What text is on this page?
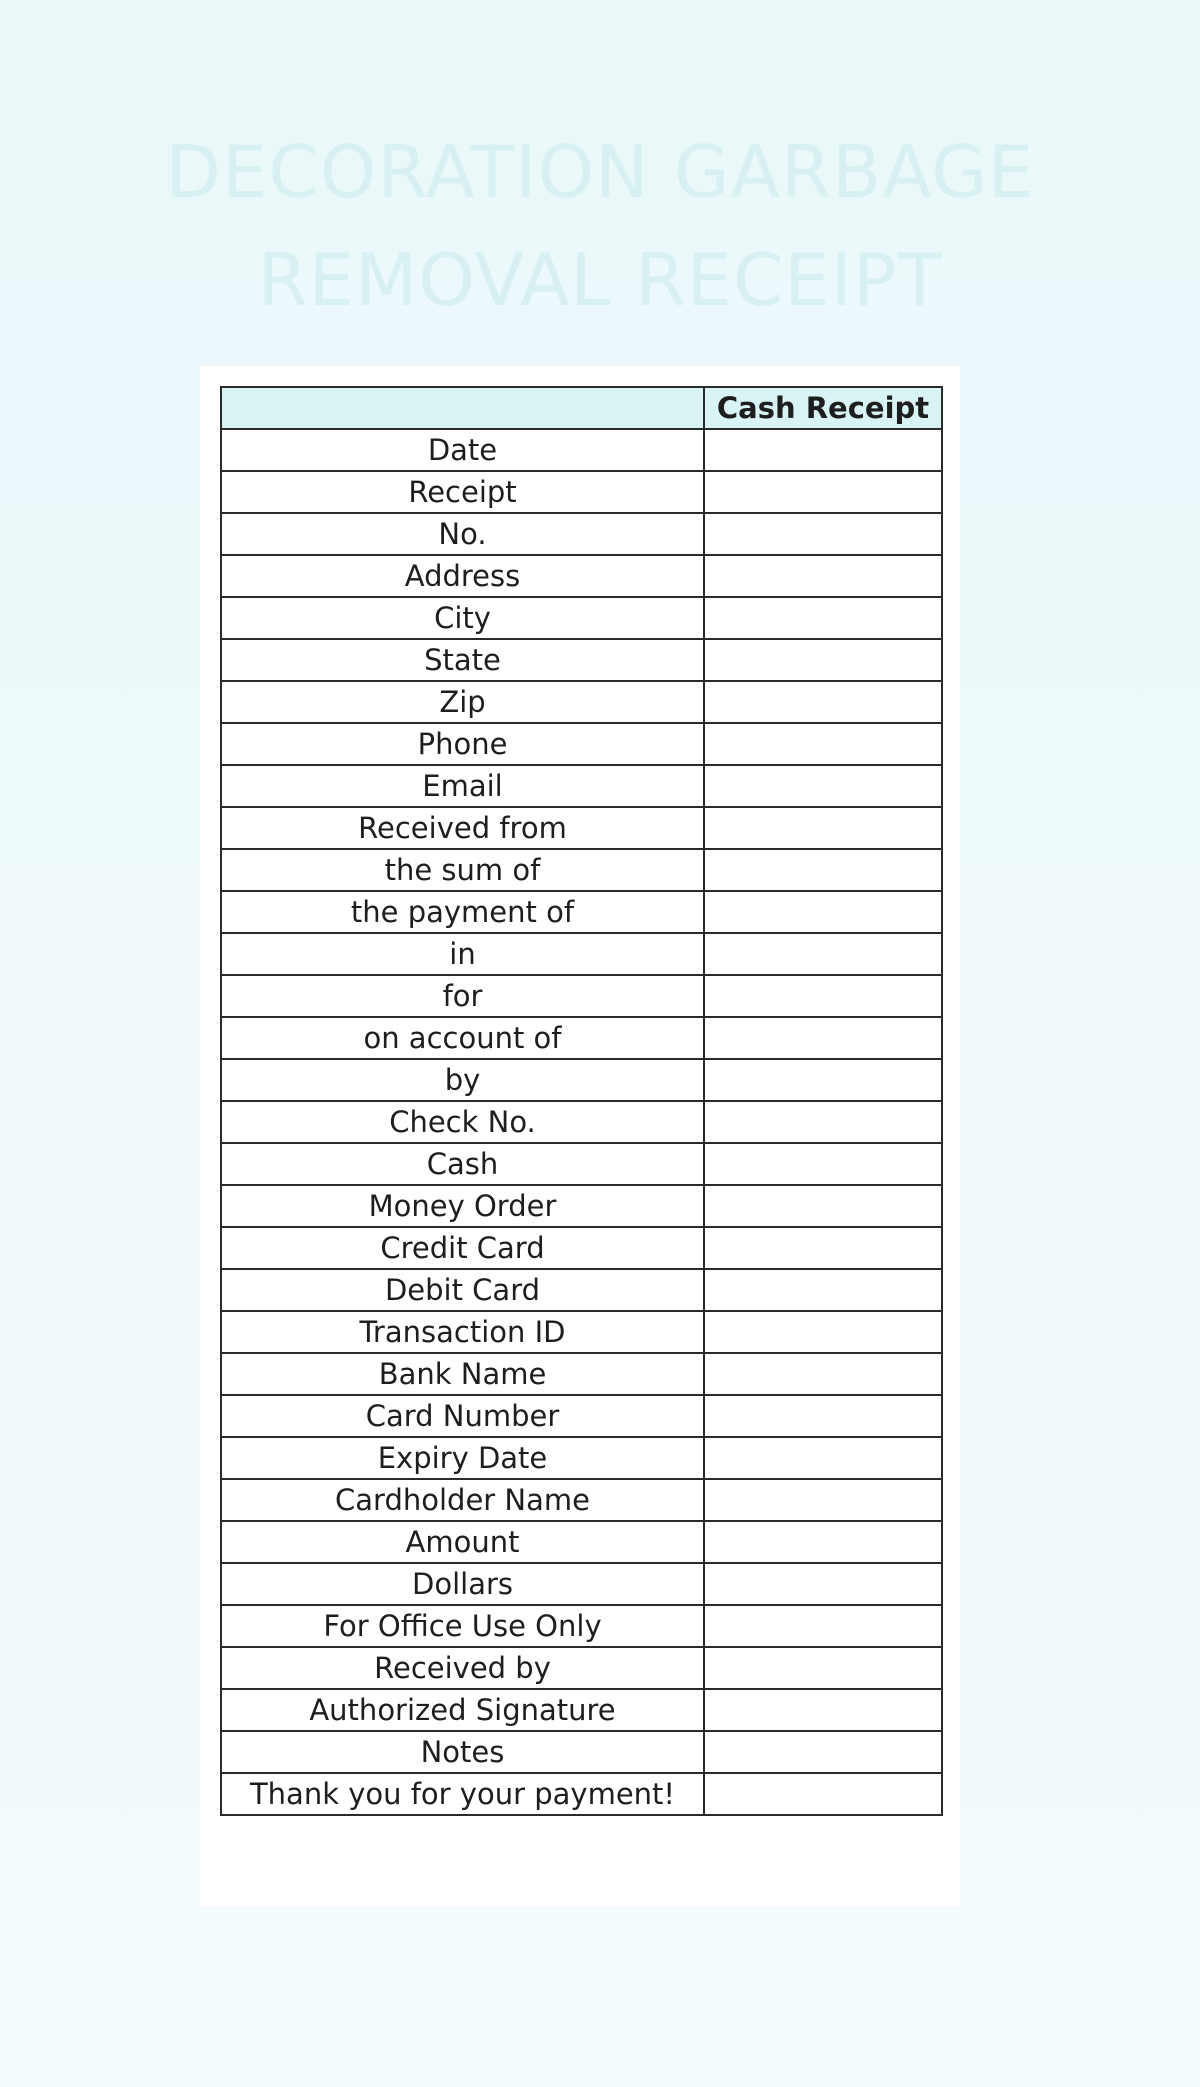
DECORATION GARBAGE
REMOVAL RECEIPT
	Cash Receipt
Date	
Receipt	
No.	
Address	
City	
State	
Zip	
Phone	
Email	
Received from	
the sum of	
the payment of	
in	
for	
on account of	
by	
Check No.	
Cash	
Money Order	
Credit Card	
Debit Card	
Transaction ID	
Bank Name	
Card Number	
Expiry Date	
Cardholder Name	
Amount	
Dollars	
For Office Use Only	
Received by	
Authorized Signature	
Notes	
Thank you for your payment!	
